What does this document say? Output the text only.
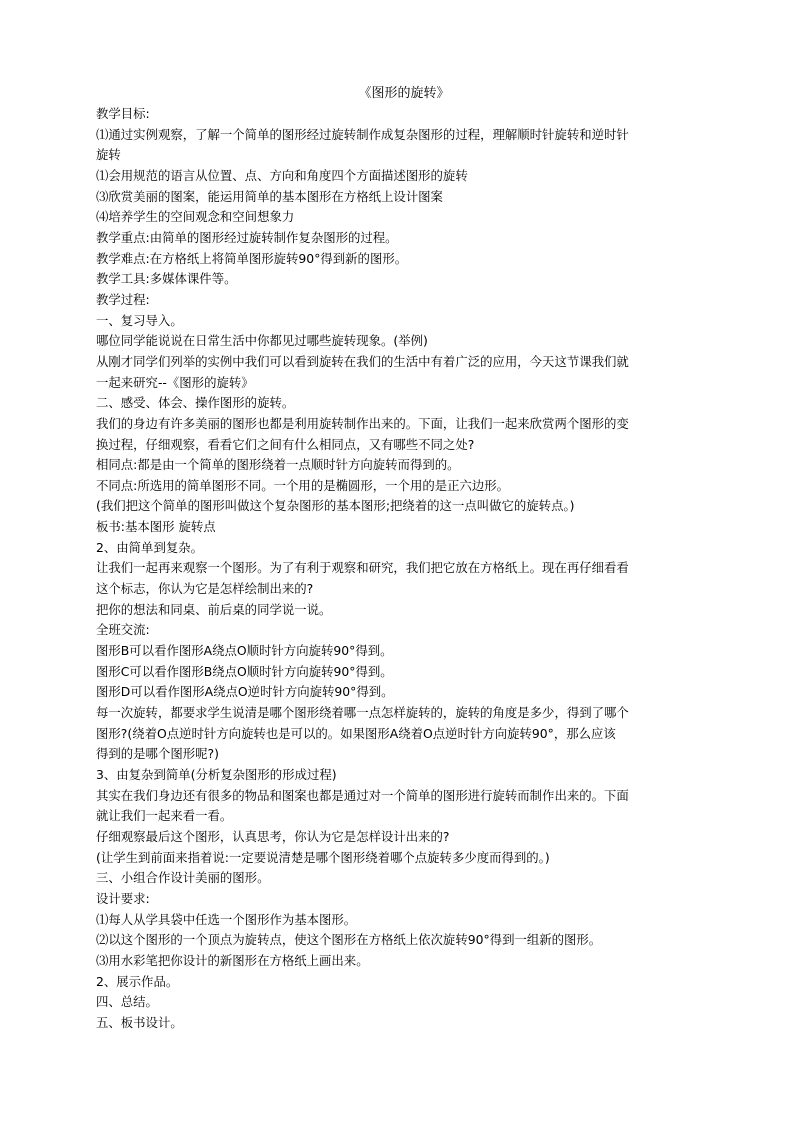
《图形的旋转》
教学目标:
⑴通过实例观察，了解一个简单的图形经过旋转制作成复杂图形的过程，理解顺时针旋转和逆时针
旋转
⑴会用规范的语言从位置、点、方向和角度四个方面描述图形的旋转
⑶欣赏美丽的图案，能运用简单的基本图形在方格纸上设计图案
⑷培养学生的空间观念和空间想象力
教学重点:由简单的图形经过旋转制作复杂图形的过程。
教学难点:在方格纸上将简单图形旋转90°得到新的图形。
教学工具:多媒体课件等。
教学过程:
一、复习导入。
哪位同学能说说在日常生活中你都见过哪些旋转现象。(举例)
从刚才同学们列举的实例中我们可以看到旋转在我们的生活中有着广泛的应用，今天这节课我们就
一起来研究--《图形的旋转》
二、感受、体会、操作图形的旋转。
我们的身边有许多美丽的图形也都是利用旋转制作出来的。下面，让我们一起来欣赏两个图形的变
换过程，仔细观察，看看它们之间有什么相同点，又有哪些不同之处?
相同点:都是由一个简单的图形绕着一点顺时针方向旋转而得到的。
不同点:所选用的简单图形不同。一个用的是椭圆形，一个用的是正六边形。
(我们把这个简单的图形叫做这个复杂图形的基本图形;把绕着的这一点叫做它的旋转点。)
板书:基本图形 旋转点
2、由简单到复杂。
让我们一起再来观察一个图形。为了有利于观察和研究，我们把它放在方格纸上。现在再仔细看看
这个标志，你认为它是怎样绘制出来的?
把你的想法和同桌、前后桌的同学说一说。
全班交流:
图形B可以看作图形A绕点O顺时针方向旋转90°得到。
图形C可以看作图形B绕点O顺时针方向旋转90°得到。
图形D可以看作图形A绕点O逆时针方向旋转90°得到。
每一次旋转，都要求学生说清是哪个图形绕着哪一点怎样旋转的，旋转的角度是多少，得到了哪个
图形?(绕着O点逆时针方向旋转也是可以的。如果图形A绕着O点逆时针方向旋转90°，那么应该
得到的是哪个图形呢?)
3、由复杂到简单(分析复杂图形的形成过程)
其实在我们身边还有很多的物品和图案也都是通过对一个简单的图形进行旋转而制作出来的。下面
就让我们一起来看一看。
仔细观察最后这个图形，认真思考，你认为它是怎样设计出来的?
(让学生到前面来指着说:一定要说清楚是哪个图形绕着哪个点旋转多少度而得到的。)
三、小组合作设计美丽的图形。
设计要求:
⑴每人从学具袋中任选一个图形作为基本图形。
⑵以这个图形的一个顶点为旋转点，使这个图形在方格纸上依次旋转90°得到一组新的图形。
⑶用水彩笔把你设计的新图形在方格纸上画出来。
2、展示作品。
四、总结。
五、板书设计。
